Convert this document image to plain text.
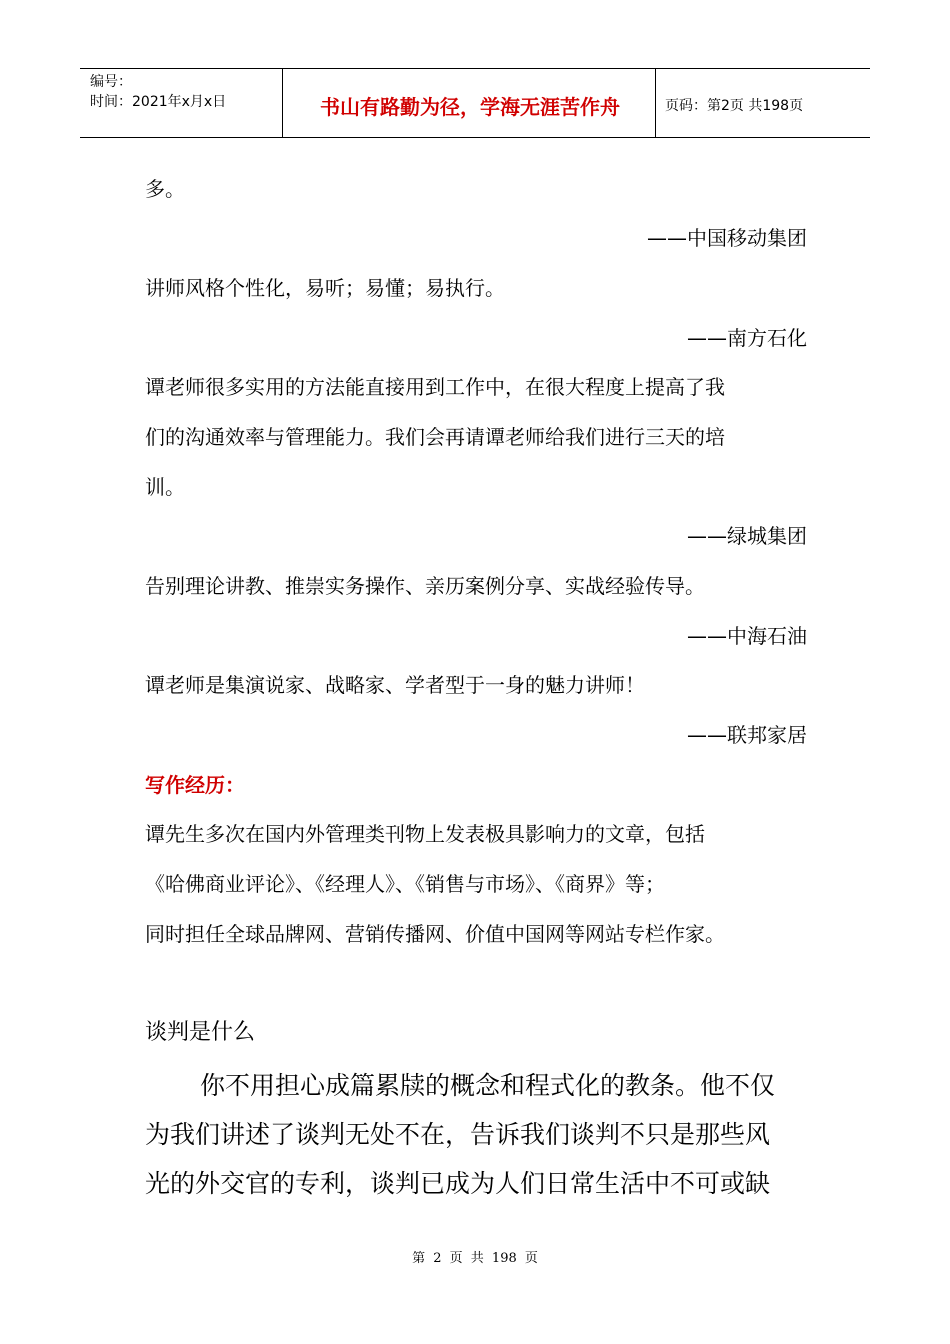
编号：
时间：2021年x月x日	书山有路勤为径，学海无涯苦作舟	页码：第2页 共198页
多。
——中国移动集团
讲师风格个性化，易听；易懂；易执行。
——南方石化
谭老师很多实用的方法能直接用到工作中，在很大程度上提高了我
们的沟通效率与管理能力。我们会再请谭老师给我们进行三天的培
训。
——绿城集团
告别理论讲教、推崇实务操作、亲历案例分享、实战经验传导。
——中海石油
谭老师是集演说家、战略家、学者型于一身的魅力讲师！
——联邦家居
写作经历：
谭先生多次在国内外管理类刊物上发表极具影响力的文章，包括
《哈佛商业评论》、《经理人》、《销售与市场》、《商界》等；
同时担任全球品牌网、营销传播网、价值中国网等网站专栏作家。
谈判是什么
你不用担心成篇累牍的概念和程式化的教条。他不仅
为我们讲述了谈判无处不在，告诉我们谈判不只是那些风
光的外交官的专利，谈判已成为人们日常生活中不可或缺
第 2 页 共 198 页
